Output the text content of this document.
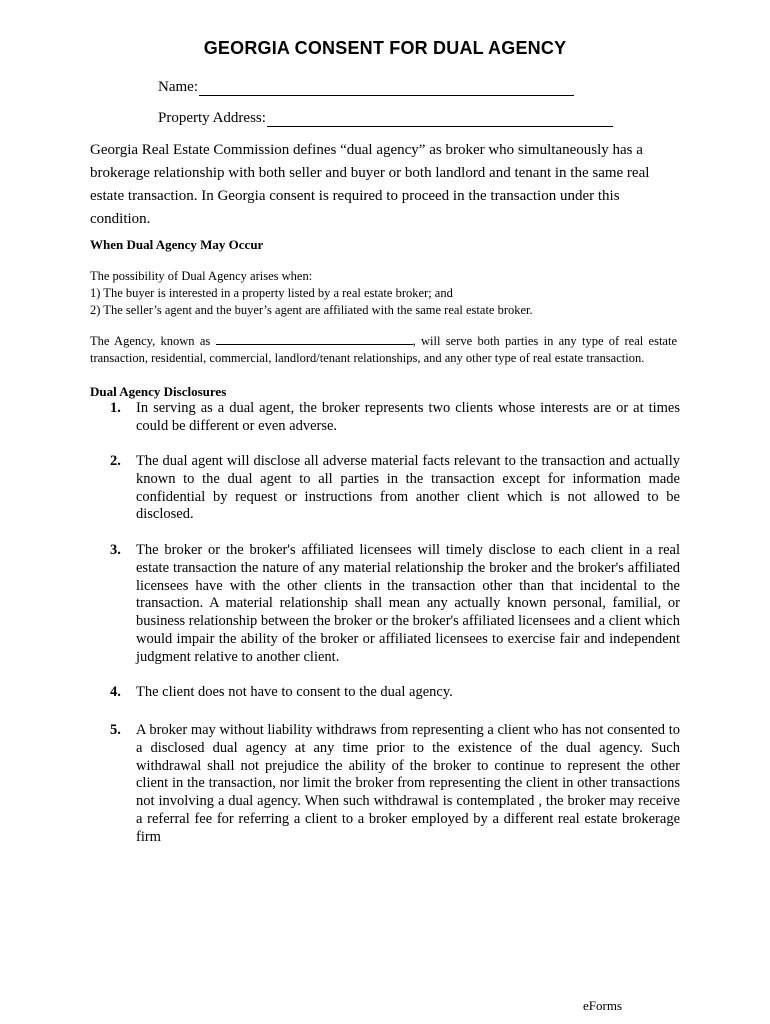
GEORGIA CONSENT FOR DUAL AGENCY
Name:
Property Address:
Georgia Real Estate Commission defines “dual agency” as broker who simultaneously has a brokerage relationship with both seller and buyer or both landlord and tenant in the same real estate transaction. In Georgia consent is required to proceed in the transaction under this condition.
When Dual Agency May Occur
The possibility of Dual Agency arises when:
1) The buyer is interested in a property listed by a real estate broker; and
2) The seller’s agent and the buyer’s agent are affiliated with the same real estate broker.
The Agency, known as	, will serve both parties in any type of real estate transaction, residential, commercial, landlord/tenant relationships, and any other type of real estate transaction.
Dual Agency Disclosures
1. In serving as a dual agent, the broker represents two clients whose interests are or at times could be different or even adverse.
2. The dual agent will disclose all adverse material facts relevant to the transaction and actually known to the dual agent to all parties in the transaction except for information made confidential by request or instructions from another client which is not allowed to be disclosed.
3. The broker or the broker's affiliated licensees will timely disclose to each client in a real estate transaction the nature of any material relationship the broker and the broker's affiliated licensees have with the other clients in the transaction other than that incidental to the transaction. A material relationship shall mean any actually known personal, familial, or business relationship between the broker or the broker's affiliated licensees and a client which would impair the ability of the broker or affiliated licensees to exercise fair and independent judgment relative to another client.
4. The client does not have to consent to the dual agency.
5. A broker may without liability withdraws from representing a client who has not consented to a disclosed dual agency at any time prior to the existence of the dual agency. Such withdrawal shall not prejudice the ability of the broker to continue to represent the other client in the transaction, nor limit the broker from representing the client in other transactions not involving a dual agency. When such withdrawal is contemplated , the broker may receive a referral fee for referring a client to a broker employed by a different real estate brokerage firm
eForms
